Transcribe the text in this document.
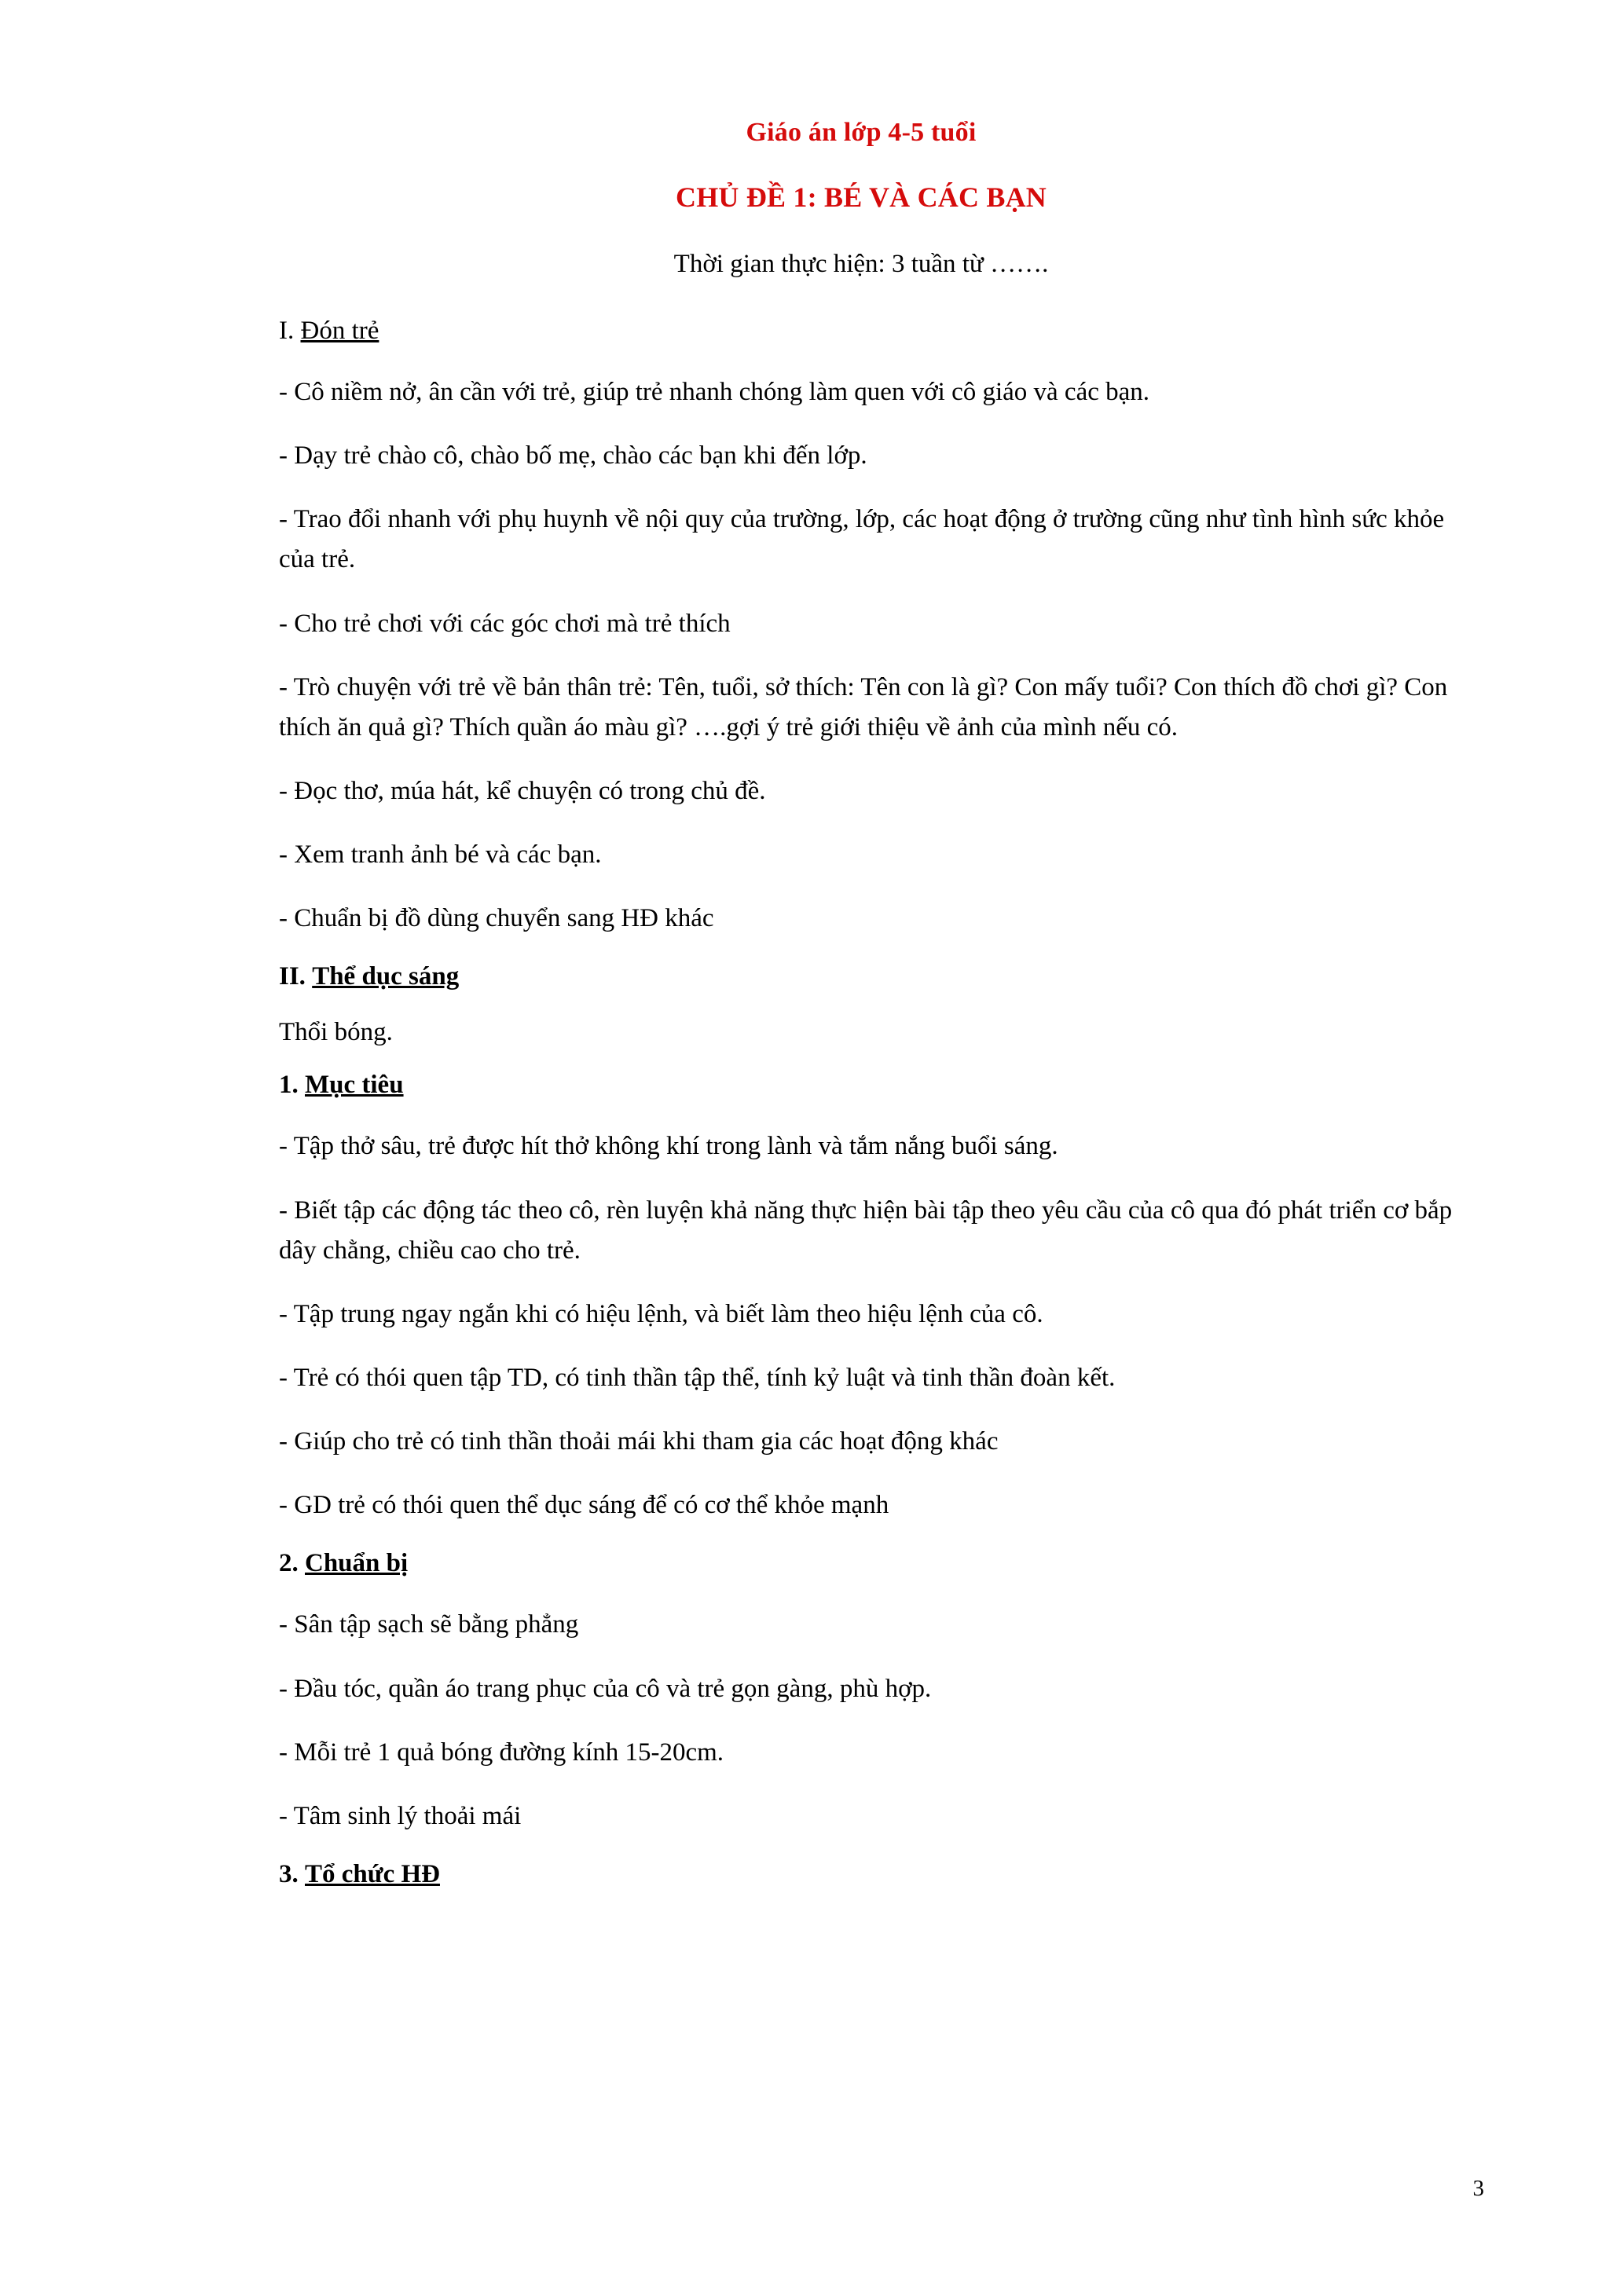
Giáo án lớp 4-5 tuổi
CHỦ ĐỀ 1: BÉ VÀ CÁC BẠN
Thời gian thực hiện: 3 tuần từ …….
I. Đón trẻ

- Cô niềm nở, ân cần với trẻ, giúp trẻ nhanh chóng làm quen với cô giáo và các bạn.

- Dạy trẻ chào cô, chào bố mẹ, chào các bạn khi đến lớp.

- Trao đổi nhanh với phụ huynh về nội quy của trường, lớp, các hoạt động ở trường cũng như tình hình sức khỏe của trẻ.

- Cho trẻ chơi với các góc chơi mà trẻ thích

- Trò chuyện với trẻ về bản thân trẻ: Tên, tuổi, sở thích: Tên con là gì? Con mấy tuổi? Con thích đồ chơi gì? Con thích ăn quả gì? Thích quần áo màu gì? ….gợi ý trẻ giới thiệu về ảnh của mình nếu có.

- Đọc thơ, múa hát, kể chuyện có trong chủ đề.

- Xem tranh ảnh bé và các bạn.

- Chuẩn bị đồ dùng chuyển sang HĐ khác

II. Thể dục sáng

Thổi bóng.

1. Mục tiêu

- Tập thở sâu, trẻ được hít thở không khí trong lành và tắm nắng buổi sáng.

- Biết tập các động tác theo cô, rèn luyện khả năng thực hiện bài tập theo yêu cầu của cô qua đó phát triển cơ bắp dây chằng, chiều cao cho trẻ.

- Tập trung ngay ngắn khi có hiệu lệnh, và biết làm theo hiệu lệnh của cô.

- Trẻ có thói quen tập TD, có tinh thần tập thể, tính kỷ luật và tinh thần đoàn kết.

- Giúp cho trẻ có tinh thần thoải mái khi tham gia các hoạt động khác

- GD trẻ có thói quen thể dục sáng để có cơ thể khỏe mạnh

2. Chuẩn bị

- Sân tập sạch sẽ bằng phẳng

- Đầu tóc, quần áo trang phục của cô và trẻ gọn gàng, phù hợp.

- Mỗi trẻ 1 quả bóng đường kính 15-20cm.

- Tâm sinh lý thoải mái

3. Tổ chức HĐ
3
